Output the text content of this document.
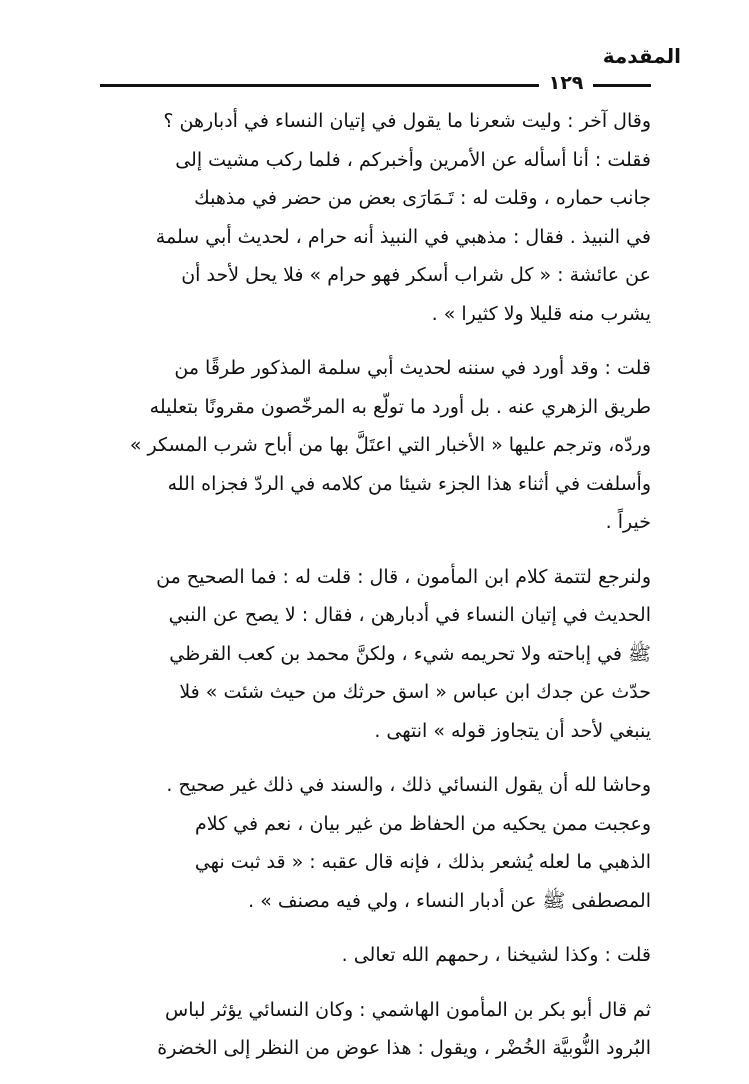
المقدمة
١٢٩

وقال آخر : وليت شعرنا ما يقول في إتيان النساء في أدبارهن ؟

فقلت : أنا أسأله عن الأمرين وأخبركم ، فلما ركب مشيت إلى

جانب حماره ، وقلت له : تَـمَارَى بعض من حضر في مذهبك

في النبيذ . فقال : مذهبي في النبيذ أنه حرام ، لحديث أبي سلمة

عن عائشة : « كل شراب أسكر فهو حرام » فلا يحل لأحد أن

يشرب منه قليلا ولا كثيرا » .

قلت : وقد أورد في سننه لحديث أبي سلمة المذكور طرقًا من

طريق الزهري عنه . بل أورد ما تولّع به المرخّصون مقرونًا بتعليله

وردّه، وترجم عليها « الأخبار التي اعتَلَّ بها من أباح شرب المسكر »

وأسلفت في أثناء هذا الجزء شيئا من كلامه في الردّ فجزاه الله

خيراً .

ولنرجع لتتمة كلام ابن المأمون ، قال : قلت له : فما الصحيح من

الحديث في إتيان النساء في أدبارهن ، فقال : لا يصح عن النبي

ﷺ في إباحته ولا تحريمه شيء ، ولكنَّ محمد بن كعب القرظي

حدّث عن جدك ابن عباس « اسق حرثك من حيث شئت » فلا

ينبغي لأحد أن يتجاوز قوله » انتهى .

وحاشا لله أن يقول النسائي ذلك ، والسند في ذلك غير صحيح .

وعجبت ممن يحكيه من الحفاظ من غير بيان ، نعم في كلام

الذهبي ما لعله يُشعر بذلك ، فإنه قال عقبه : « قد ثبت نهي

المصطفى ﷺ عن أدبار النساء ، ولي فيه مصنف » .

قلت : وكذا لشيخنا ، رحمهم الله تعالى .

ثم قال أبو بكر بن المأمون الهاشمي : وكان النسائي يؤثر لباس

البُرود النُّوبيَّة الخُضْر ، ويقول : هذا عوض من النظر إلى الخضرة
